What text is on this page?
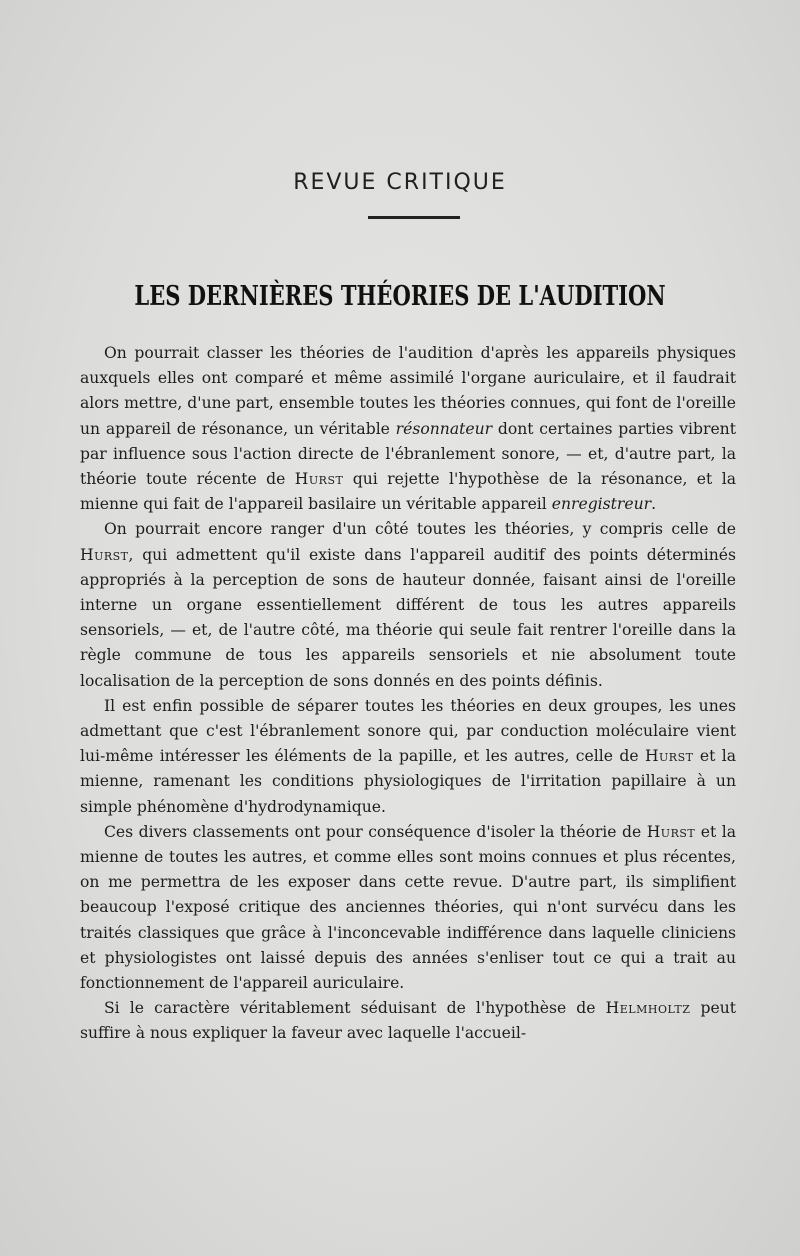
REVUE CRITIQUE
LES DERNIÈRES THÉORIES DE L'AUDITION

On pourrait classer les théories de l'audition d'après les appareils physiques auxquels elles ont comparé et même assimilé l'organe auriculaire, et il faudrait alors mettre, d'une part, ensemble toutes les théories connues, qui font de l'oreille un appareil de résonance, un véritable résonnateur dont certaines parties vibrent par influence sous l'action directe de l'ébranlement sonore, — et, d'autre part, la théorie toute récente de Hurst qui rejette l'hypothèse de la résonance, et la mienne qui fait de l'appareil basilaire un véritable appareil enregistreur.

On pourrait encore ranger d'un côté toutes les théories, y compris celle de Hurst, qui admettent qu'il existe dans l'appareil auditif des points déterminés appropriés à la perception de sons de hauteur donnée, faisant ainsi de l'oreille interne un organe essentiellement différent de tous les autres appareils sensoriels, — et, de l'autre côté, ma théorie qui seule fait rentrer l'oreille dans la règle commune de tous les appareils sensoriels et nie absolument toute localisation de la perception de sons donnés en des points définis.

Il est enfin possible de séparer toutes les théories en deux groupes, les unes admettant que c'est l'ébranlement sonore qui, par conduction moléculaire vient lui-même intéresser les éléments de la papille, et les autres, celle de Hurst et la mienne, ramenant les conditions physiologiques de l'irritation papillaire à un simple phénomène d'hydrodynamique.

Ces divers classements ont pour conséquence d'isoler la théorie de Hurst et la mienne de toutes les autres, et comme elles sont moins connues et plus récentes, on me permettra de les exposer dans cette revue. D'autre part, ils simplifient beaucoup l'exposé critique des anciennes théories, qui n'ont survécu dans les traités classiques que grâce à l'inconcevable indifférence dans laquelle cliniciens et physiologistes ont laissé depuis des années s'enliser tout ce qui a trait au fonctionnement de l'appareil auriculaire.

Si le caractère véritablement séduisant de l'hypothèse de Helmholtz peut suffire à nous expliquer la faveur avec laquelle l'accueil-
